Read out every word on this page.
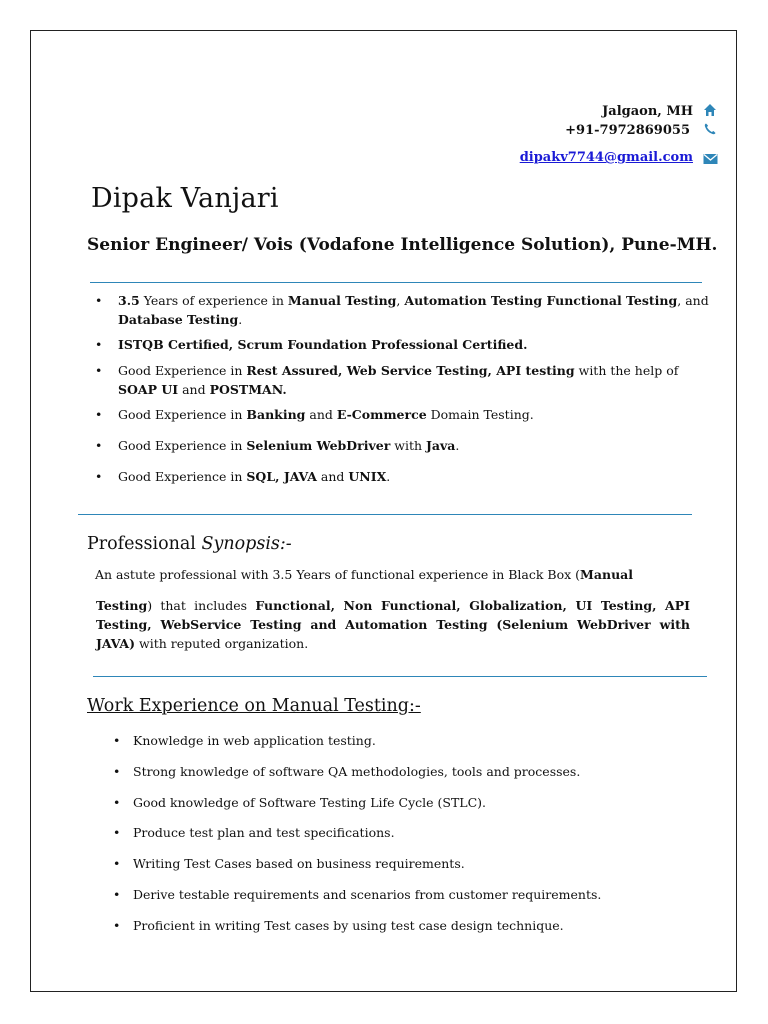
Jalgaon, MH
+91-7972869055
dipakv7744@gmail.com
Dipak Vanjari
Senior Engineer/ Vois (Vodafone Intelligence Solution), Pune-MH.
• 3.5 Years of experience in Manual Testing, Automation Testing Functional Testing, and Database Testing.
• ISTQB Certified, Scrum Foundation Professional Certified.
• Good Experience in Rest Assured, Web Service Testing, API testing with the help of SOAP UI and POSTMAN.
• Good Experience in Banking and E-Commerce Domain Testing.
• Good Experience in Selenium WebDriver with Java.
• Good Experience in SQL, JAVA and UNIX.
Professional Synopsis:-
An astute professional with 3.5 Years of functional experience in Black Box (Manual
Testing) that includes Functional, Non Functional, Globalization, UI Testing, API Testing, WebService Testing and Automation Testing (Selenium WebDriver with JAVA) with reputed organization.
Work Experience on Manual Testing:-
• Knowledge in web application testing.
• Strong knowledge of software QA methodologies, tools and processes.
• Good knowledge of Software Testing Life Cycle (STLC).
• Produce test plan and test specifications.
• Writing Test Cases based on business requirements.
• Derive testable requirements and scenarios from customer requirements.
• Proficient in writing Test cases by using test case design technique.
